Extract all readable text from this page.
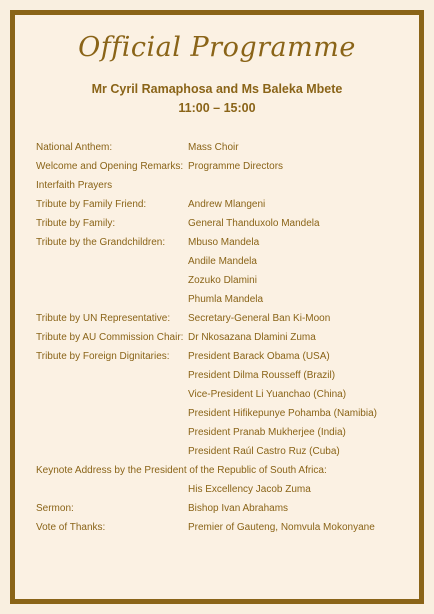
Official Programme
Mr Cyril Ramaphosa and Ms Baleka Mbete
11:00 – 15:00
National Anthem:	Mass Choir
Welcome and Opening Remarks: Programme Directors
Interfaith Prayers
Tribute by Family Friend:	Andrew Mlangeni
Tribute by Family:	General Thanduxolo Mandela
Tribute by the Grandchildren: Mbuso Mandela
Andile Mandela
Zozuko Dlamini
Phumla Mandela
Tribute by UN Representative: Secretary-General Ban Ki-Moon
Tribute by AU Commission Chair: Dr Nkosazana Dlamini Zuma
Tribute by Foreign Dignitaries: President Barack Obama (USA)
President Dilma Rousseff (Brazil)
Vice-President Li Yuanchao (China)
President Hifikepunye Pohamba (Namibia)
President Pranab Mukherjee (India)
President Raúl Castro Ruz (Cuba)
Keynote Address by the President of the Republic of South Africa:
His Excellency Jacob Zuma
Sermon:	Bishop Ivan Abrahams
Vote of Thanks:	Premier of Gauteng, Nomvula Mokonyane
